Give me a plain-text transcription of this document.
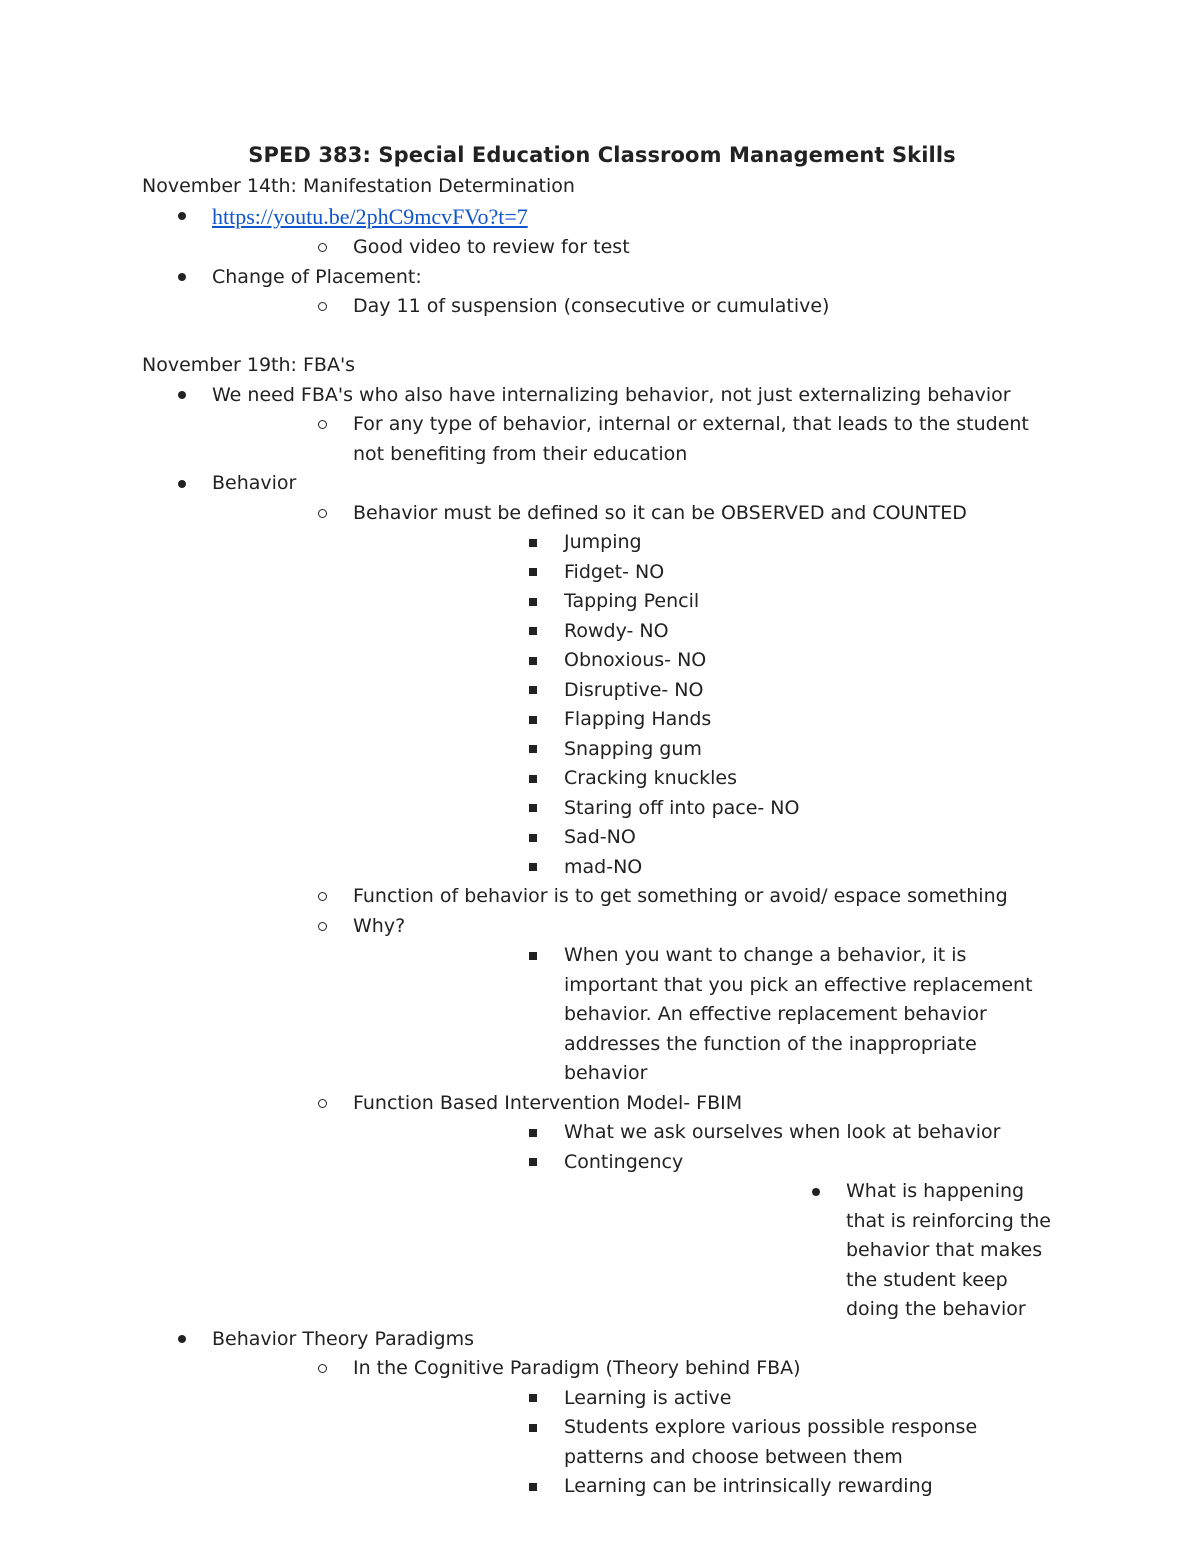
SPED 383: Special Education Classroom Management Skills
November 14th: Manifestation Determination
https://youtu.be/2phC9mcvFVo?t=7
Good video to review for test
Change of Placement:
Day 11 of suspension (consecutive or cumulative)
November 19th: FBA's
We need FBA's who also have internalizing behavior, not just externalizing behavior
For any type of behavior, internal or external, that leads to the student not benefiting from their education
Behavior
Behavior must be defined so it can be OBSERVED and COUNTED
Jumping
Fidget- NO
Tapping Pencil
Rowdy- NO
Obnoxious- NO
Disruptive- NO
Flapping Hands
Snapping gum
Cracking knuckles
Staring off into pace- NO
Sad-NO
mad-NO
Function of behavior is to get something or avoid/ espace something
Why?
When you want to change a behavior, it is important that you pick an effective replacement behavior. An effective replacement behavior addresses the function of the inappropriate behavior
Function Based Intervention Model- FBIM
What we ask ourselves when look at behavior
Contingency
What is happening that is reinforcing the behavior that makes the student keep doing the behavior
Behavior Theory Paradigms
In the Cognitive Paradigm (Theory behind FBA)
Learning is active
Students explore various possible response patterns and choose between them
Learning can be intrinsically rewarding
